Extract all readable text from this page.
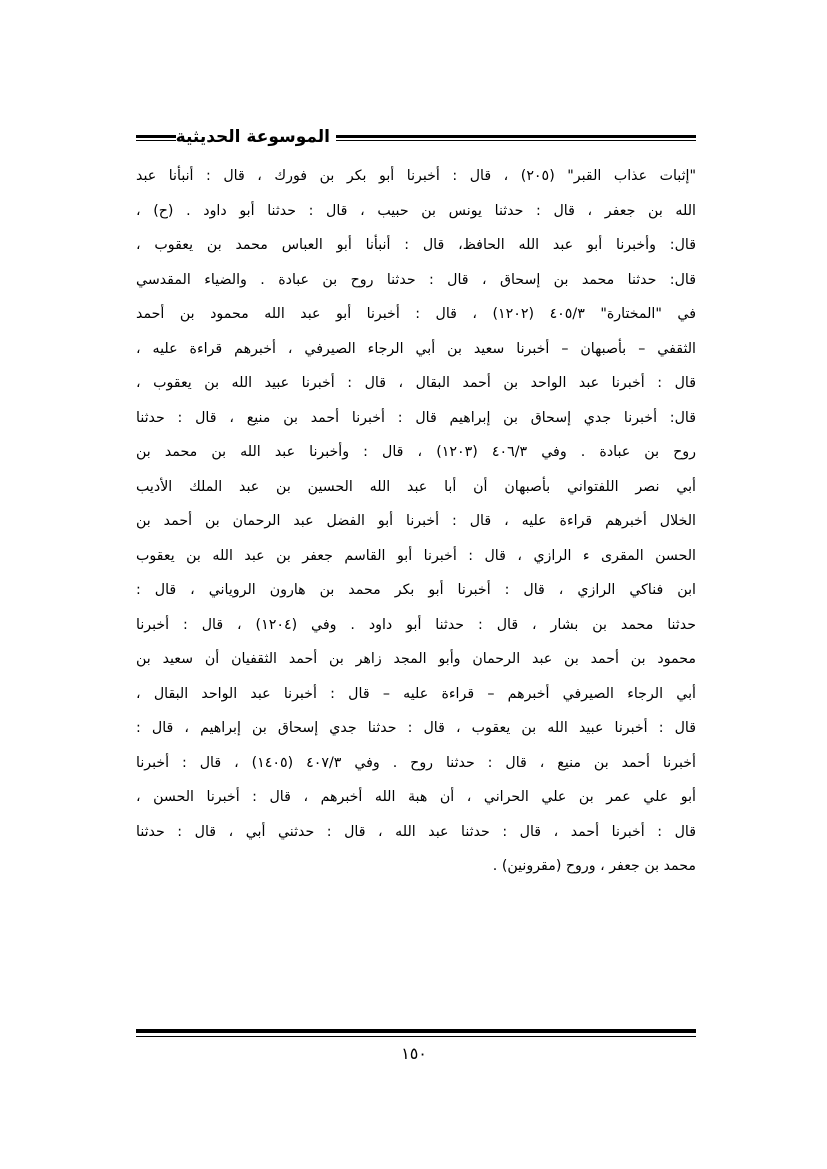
الموسوعة الحديثية
"إثبات عذاب القبر" (٢٠٥) ، قال : أخبرنا أبو بكر بن فورك ، قال : أنبأنا عبد
الله بن جعفر ، قال : حدثنا يونس بن حبيب ، قال : حدثنا أبو داود . (ح) ،
قال: وأخبرنا أبو عبد الله الحافظ، قال : أنبأنا أبو العباس محمد بن يعقوب ،
قال: حدثنا محمد بن إسحاق ، قال : حدثنا روح بن عبادة . والضياء المقدسي
في "المختارة" ٤٠٥/٣ (١٢٠٢) ، قال : أخبرنا أبو عبد الله محمود بن أحمد
الثقفي – بأصبهان – أخبرنا سعيد بن أبي الرجاء الصيرفي ، أخبرهم قراءة عليه ،
قال : أخبرنا عبد الواحد بن أحمد البقال ، قال : أخبرنا عبيد الله بن يعقوب ،
قال: أخبرنا جدي إسحاق بن إبراهيم قال : أخبرنا أحمد بن منيع ، قال : حدثنا
روح بن عبادة . وفي ٤٠٦/٣ (١٢٠٣) ، قال : وأخبرنا عبد الله بن محمد بن
أبي نصر اللفتواني بأصبهان أن أبا عبد الله الحسين بن عبد الملك الأديب
الخلال أخبرهم قراءة عليه ، قال : أخبرنا أبو الفضل عبد الرحمان بن أحمد بن
الحسن المقرى ء الرازي ، قال : أخبرنا أبو القاسم جعفر بن عبد الله بن يعقوب
ابن فناكي الرازي ، قال : أخبرنا أبو بكر محمد بن هارون الروياني ، قال :
حدثنا محمد بن بشار ، قال : حدثنا أبو داود . وفي (١٢٠٤) ، قال : أخبرنا
محمود بن أحمد بن عبد الرحمان وأبو المجد زاهر بن أحمد الثقفيان أن سعيد بن
أبي الرجاء الصيرفي أخبرهم – قراءة عليه – قال : أخبرنا عبد الواحد البقال ،
قال : أخبرنا عبيد الله بن يعقوب ، قال : حدثنا جدي إسحاق بن إبراهيم ، قال :
أخبرنا أحمد بن منيع ، قال : حدثنا روح . وفي ٤٠٧/٣ (١٤٠٥) ، قال : أخبرنا
أبو علي عمر بن علي الحراني ، أن هبة الله أخبرهم ، قال : أخبرنا الحسن ،
قال : أخبرنا أحمد ، قال : حدثنا عبد الله ، قال : حدثني أبي ، قال : حدثنا
محمد بن جعفر ، وروح (مقرونين) .
١٥٠
